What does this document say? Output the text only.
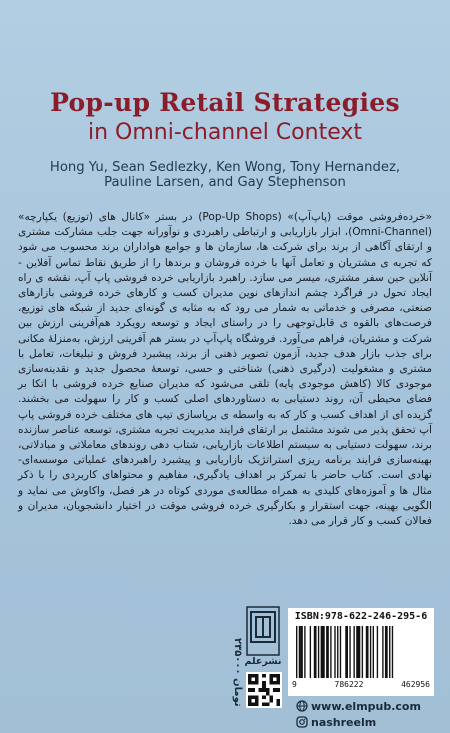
Pop-up Retail Strategies
in Omni-channel Context
Hong Yu, Sean Sedlezky, Ken Wong, Tony Hernandez,
Pauline Larsen, and Gay Stephenson

«خرده‌فروشی موقت (پاپ‌آپ)» (Pop-Up Shops) در بستر «کانال های (توزیع) یکپارچه» (Omni-Channel)، ابزار بازاریابی و ارتباطی راهبردی و نوآورانه جهت جلب مشارکت مشتری و ارتقای آگاهی از برند برای شرکت ها، سازمان ها و جوامع هواداران برند محسوب می شود که تجربه ی مشتریان و تعامل آنها با خرده فروشان و برندها را از طریق نقاط تماس آفلاین - آنلاین حین سفر مشتری، میسر می سازد. راهبرد بازاریابی خرده فروشی پاپ آپ، نقشه ی راه ایجاد تحول در فراگرد چشم اندازهای نوین مدیران کسب و کارهای خرده فروشی بازارهای صنعتی، مصرفی و خدماتی به شمار می رود که به مثابه ی گونه‌ای جدید از شبکه های توزیع، فرصت‌های بالقوه ی قابل‌توجهی را در راستای ایجاد و توسعه رویکرد هم‌آفرینی ارزش بین شرکت و مشتریان، فراهم می‌آورد. فروشگاه پاپ‌آپ در بستر هم آفرینی ارزش، به‌منزلهٔ مکانی برای جذب بازار هدف جدید، آزمون تصویر ذهنی از برند، پیشبرد فروش و تبلیغات، تعامل با مشتری و مشغولیت (درگیری ذهنی) شناختی و حسی، توسعهٔ محصول جدید و نقدینه‌سازی موجودی کالا (کاهش موجودی پایه) تلقی می‌شود که مدیران صنایع خرده فروشی با اتکا بر فضای محیطی آن، روند دستیابی به دستاوردهای اصلی کسب و کار را سهولت می بخشند. گزیده ای از اهداف کسب و کار که به واسطه ی برپاسازی تیپ های مختلف خرده فروشی پاپ آپ تحقق پذیر می شوند مشتمل بر ارتقای فرایند مدیریت تجربه مشتری، توسعه عناصر سازنده برند، سهولت دستیابی به سیستم اطلاعات بازاریابی، شتاب دهی روندهای معاملاتی و مبادلاتی، بهینه‌سازی فرایند برنامه ریزی استراتژیک بازاریابی و پیشبرد راهبردهای عملیاتی موسسه‌ای- نهادی است. کتاب حاضر با تمرکز بر اهداف یادگیری، مفاهیم و محتواهای کاربردی را با ذکر مثال ها و آموزه‌های کلیدی به همراه مطالعه‌ی موردی کوتاه در هر فصل، واکاوش می نماید و الگویی بهینه، جهت استقرار و بکارگیری خرده فروشی موقت در اختیار دانشجویان، مدیران و فعالان کسب و کار قرار می دهد.

۲۳۵۰۰۰ تومان
نشرعلم
ISBN:978-622-246-295-6
9	786222	462956
www.elmpub.com
nashreelm
